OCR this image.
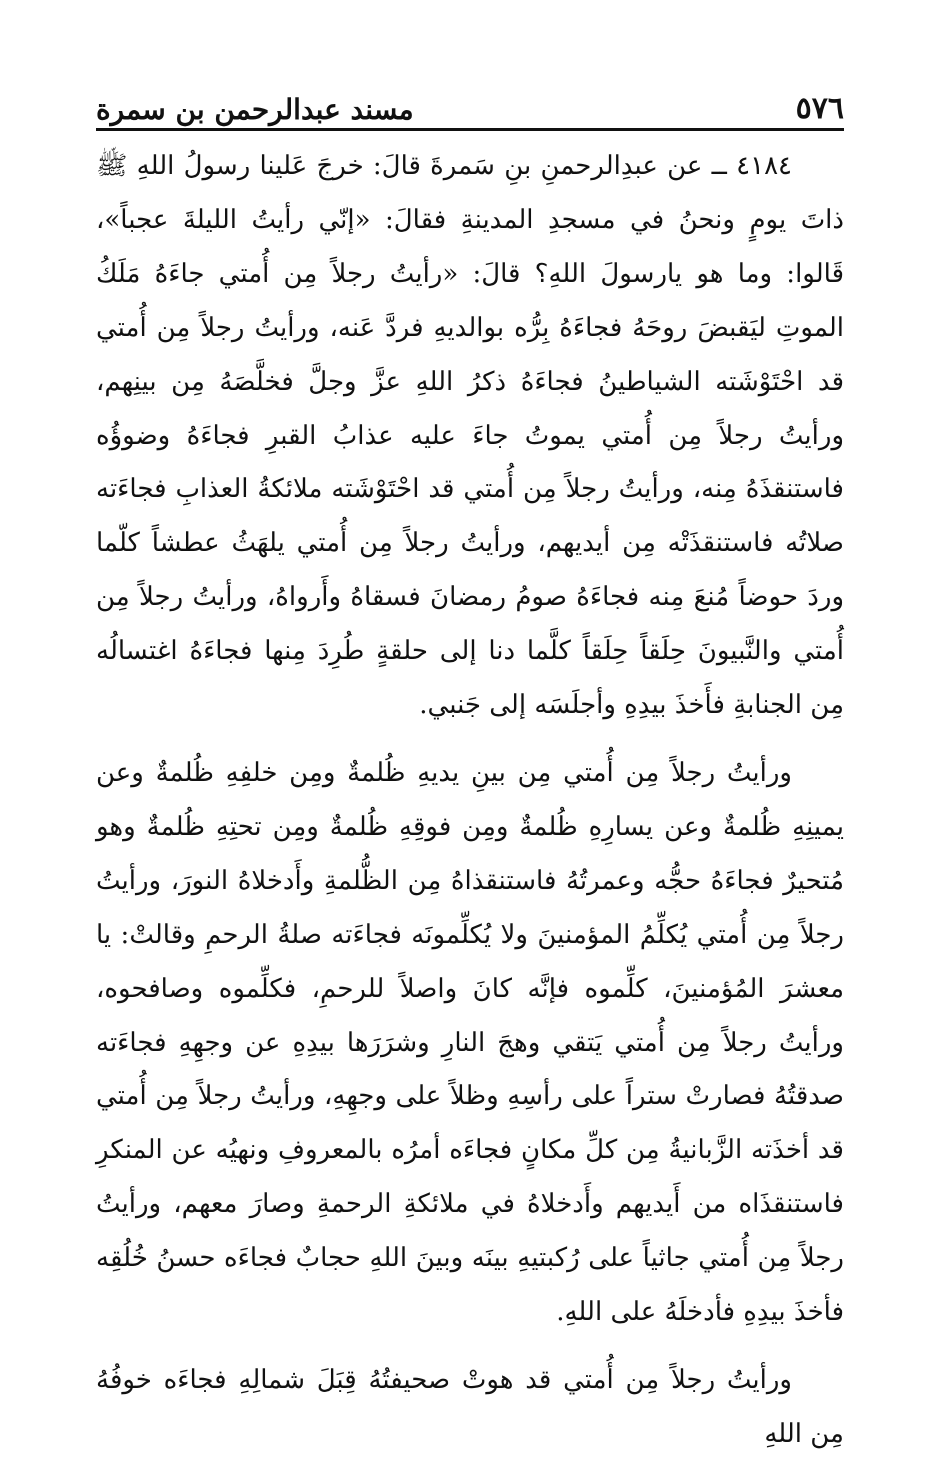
٥٧٦
مسند عبدالرحمن بن سمرة

٤١٨٤ ــ عن عبدِالرحمنِ بنِ سَمرةَ قالَ: خرجَ عَلينا رسولُ اللهِ ﷺ ذاتَ يومٍ ونحنُ في مسجدِ المدينةِ فقالَ: «إنّي رأيتُ الليلةَ عجباً»، قَالوا: وما هو يارسولَ اللهِ؟ قالَ: «رأيتُ رجلاً مِن أُمتي جاءَهُ مَلَكُ الموتِ ليَقبضَ روحَهُ فجاءَهُ بِرُّه بوالديهِ فردَّ عَنه، ورأيتُ رجلاً مِن أُمتي قد احْتَوْشَته الشياطينُ فجاءَهُ ذكرُ اللهِ عزَّ وجلَّ فخلَّصَهُ مِن بينِهم، ورأيتُ رجلاً مِن أُمتي يموتُ جاءَ عليه عذابُ القبرِ فجاءَهُ وضوؤُه فاستنقذَهُ مِنه، ورأيتُ رجلاً مِن أُمتي قد احْتَوْشَته ملائكةُ العذابِ فجاءَته صلاتُه فاستنقذَتْه مِن أيديهم، ورأيتُ رجلاً مِن أُمتي يلهَثُ عطشاً كلّما وردَ حوضاً مُنعَ مِنه فجاءَهُ صومُ رمضانَ فسقاهُ وأَرواهُ، ورأيتُ رجلاً مِن أُمتي والنَّبيونَ حِلَقاً حِلَقاً كلَّما دنا إلى حلقةٍ طُرِدَ مِنها فجاءَهُ اغتسالُه مِن الجنابةِ فأَخذَ بيدِهِ وأجلَسَه إلى جَنبي.

ورأيتُ رجلاً مِن أُمتي مِن بينِ يديهِ ظُلمةٌ ومِن خلفِهِ ظُلمةٌ وعن يمينِهِ ظُلمةٌ وعن يسارِهِ ظُلمةٌ ومِن فوقِهِ ظُلمةٌ ومِن تحتِهِ ظُلمةٌ وهو مُتحيرٌ فجاءَهُ حجُّه وعمرتُهُ فاستنقذاهُ مِن الظُّلمةِ وأَدخلاهُ النورَ، ورأيتُ رجلاً مِن أُمتي يُكلِّمُ المؤمنينَ ولا يُكلِّمونَه فجاءَته صلةُ الرحمِ وقالتْ: يا معشرَ المُؤمنينَ، كلِّموه فإنَّه كانَ واصلاً للرحمِ، فكلِّموه وصافحوه، ورأيتُ رجلاً مِن أُمتي يَتقي وهجَ النارِ وشرَرَها بيدِهِ عن وجهِهِ فجاءَته صدقتُهُ فصارتْ ستراً على رأسِهِ وظلاً على وجهِهِ، ورأيتُ رجلاً مِن أُمتي قد أخذَته الزَّبانيةُ مِن كلِّ مكانٍ فجاءَه أمرُه بالمعروفِ ونهيُه عن المنكرِ فاستنقذَاه من أَيديهم وأَدخلاهُ في ملائكةِ الرحمةِ وصارَ معهم، ورأيتُ رجلاً مِن أُمتي جاثياً على رُكبتيهِ بينَه وبينَ اللهِ حجابٌ فجاءَه حسنُ خُلُقِه فأخذَ بيدِهِ فأدخلَهُ على اللهِ.

ورأيتُ رجلاً مِن أُمتي قد هوتْ صحيفتُهُ قِبَلَ شمالِهِ فجاءَه خوفُهُ مِن اللهِ
